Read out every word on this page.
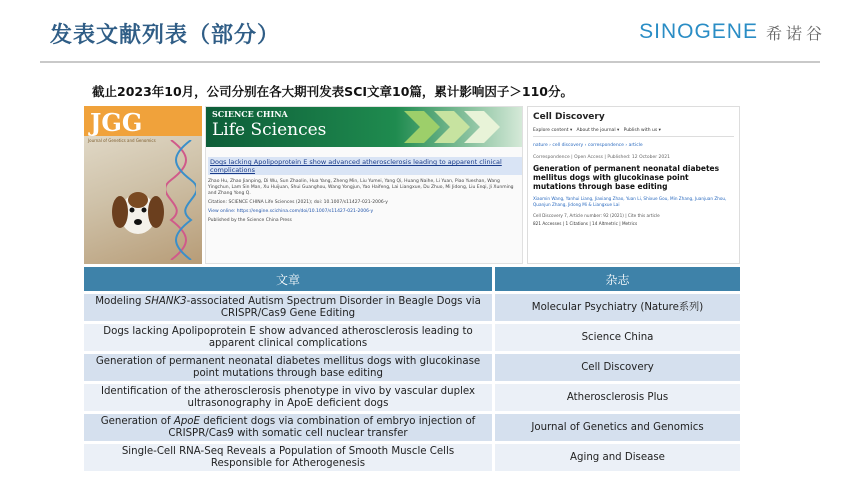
发表文献列表（部分）	SINOGENE 希诺谷
截止2023年10月，公司分别在各大期刊发表SCI文章10篇，累计影响因子＞110分。
JGG
Journal of Genetics and Genomics
SCIENCE CHINA
Life Sciences
Dogs lacking Apolipoprotein E show advanced atherosclerosis leading to apparent clinical complications
Zhao Hu, Zhao Jianping, Di Wu, Sun Zhaolin, Hua Yang, Zheng Min, Liu Yumei, Yang Qi, Huang Naihe, Li Yuan, Piao Yueshan, Wang Yingchun, Lam Sin Man, Xu Huijuan, Shui Guanghou, Wang Yongjun, Yao Haifeng, Lai Liangxue, Du Zhuo, Mi Jidong, Liu Enqi, Ji Xunming and Zhang Yong Q.
Citation: SCIENCE CHINA Life Sciences (2021); doi: 10.1007/s11427-021-2006-y
View online: https://engine.scichina.com/doi/10.1007/s11427-021-2006-y
Published by the Science China Press
Cell Discovery
Explore content ▾ About the journal ▾ Publish with us ▾
nature › cell discovery › correspondence › article
Correspondence | Open Access | Published: 12 October 2021
Generation of permanent neonatal diabetes mellitus dogs with glucokinase point mutations through base editing
Xiaomin Wang, Yanhui Liang, Jiaxiang Zhao, Yuan Li, Shixue Gou, Min Zhang, Juanjuan Zhou, Quanjun Zhang, Jidong Mi & Liangxue Lai
Cell Discovery 7, Article number: 92 (2021) | Cite this article
821 Accesses | 1 Citations | 14 Altmetric | Metrics
文章	杂志
Modeling SHANK3-associated Autism Spectrum Disorder in Beagle Dogs via CRISPR/Cas9 Gene Editing	Molecular Psychiatry (Nature系列)
Dogs lacking Apolipoprotein E show advanced atherosclerosis leading to apparent clinical complications	Science China
Generation of permanent neonatal diabetes mellitus dogs with glucokinase point mutations through base editing	Cell Discovery
Identification of the atherosclerosis phenotype in vivo by vascular duplex ultrasonography in ApoE deficient dogs	Atherosclerosis Plus
Generation of ApoE deficient dogs via combination of embryo injection of CRISPR/Cas9 with somatic cell nuclear transfer	Journal of Genetics and Genomics
Single-Cell RNA-Seq Reveals a Population of Smooth Muscle Cells Responsible for Atherogenesis	Aging and Disease
